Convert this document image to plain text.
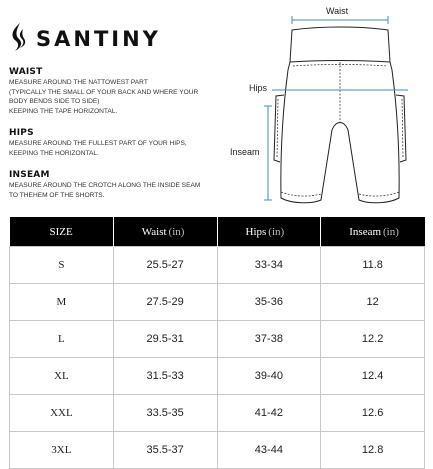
SANTINY
WAIST

MEASURE AROUND THE NATTOWEST PART
(TYPICALLY THE SMALL OF YOUR BACK AND WHERE YOUR
BODY BENDS SIDE TO SIDE)
KEEPING THE TAPE HORIZONTAL.

HIPS

MEASURE AROUND THE FULLEST PART OF YOUR HIPS,
KEEPING THE HORIZONTAL.

INSEAM

MEASURE AROUND THE CROTCH ALONG THE INSIDE SEAM
TO THEHEM OF THE SHORTS.

Waist
Hips
Inseam
SIZE	Waist (in)	Hips (in)	Inseam (in)
S	25.5-27	33-34	11.8
M	27.5-29	35-36	12
L	29.5-31	37-38	12.2
XL	31.5-33	39-40	12.4
XXL	33.5-35	41-42	12.6
3XL	35.5-37	43-44	12.8
